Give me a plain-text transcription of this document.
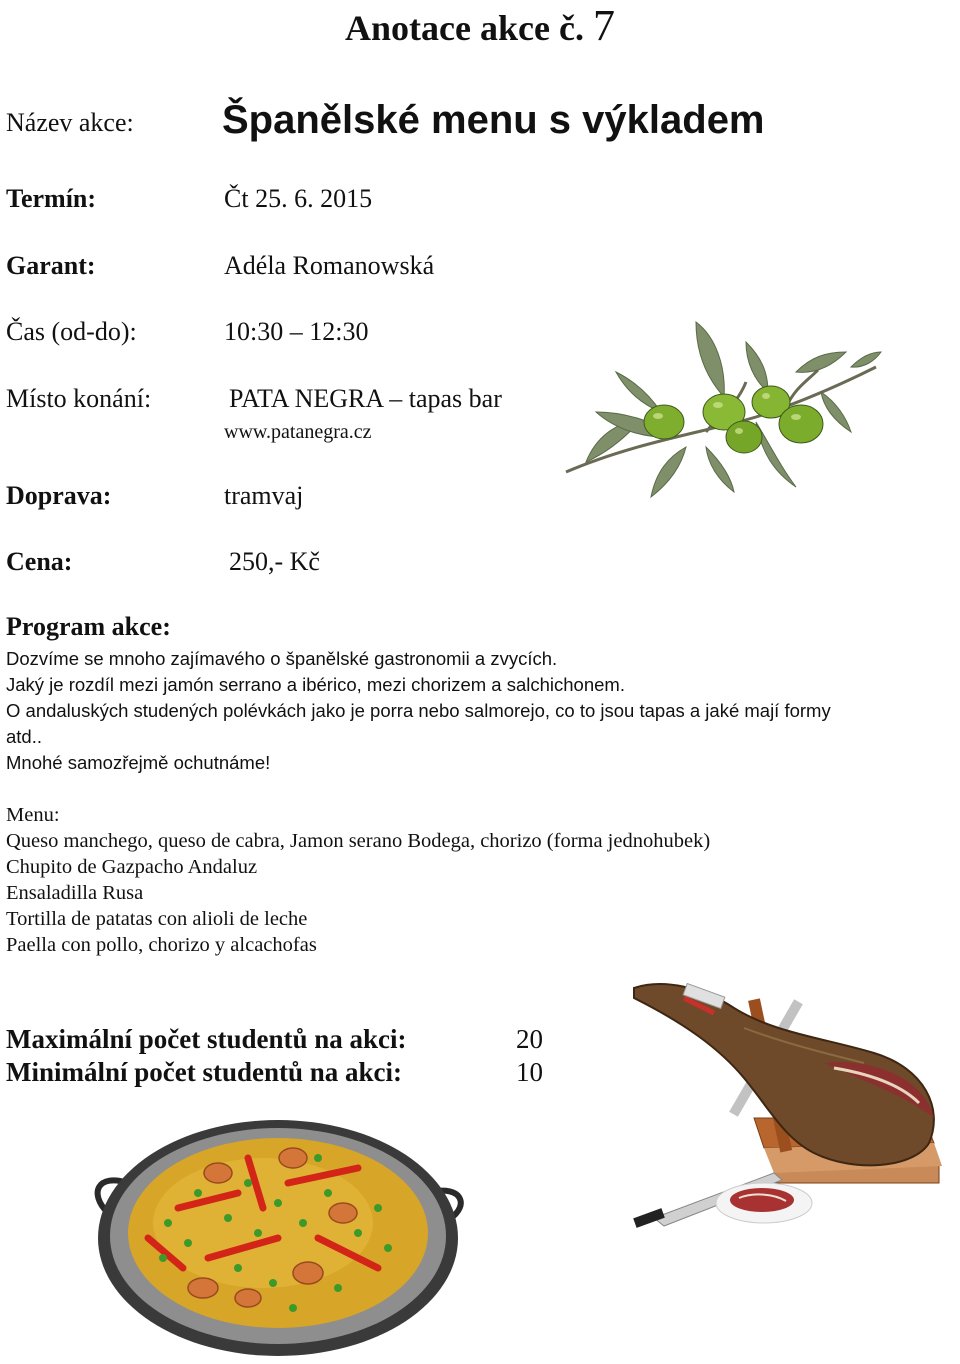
Anotace akce č. 7
Název akce: Španělské menu s výkladem
Termín:	Čt 25. 6. 2015
Garant:	Adéla Romanowská
Čas (od-do):	10:30 – 12:30
Místo konání:	PATA NEGRA – tapas bar
www.patanegra.cz
Doprava:	tramvaj
Cena:	250,- Kč
Program akce:
Dozvíme se mnoho zajímavého o španělské gastronomii a zvycích.
Jaký je rozdíl mezi jamón serrano a ibérico, mezi chorizem a salchichonem.
O andaluských studených polévkách jako je porra nebo salmorejo, co to jsou tapas a jaké mají formy
atd..
Mnohé samozřejmě ochutnáme!
Menu:
Queso manchego, queso de cabra, Jamon serano Bodega, chorizo (forma jednohubek)
Chupito de Gazpacho Andaluz
Ensaladilla Rusa
Tortilla de patatas con alioli de leche
Paella con pollo, chorizo y alcachofas
Maximální počet studentů na akci:	20
Minimální počet studentů na akci:	10
